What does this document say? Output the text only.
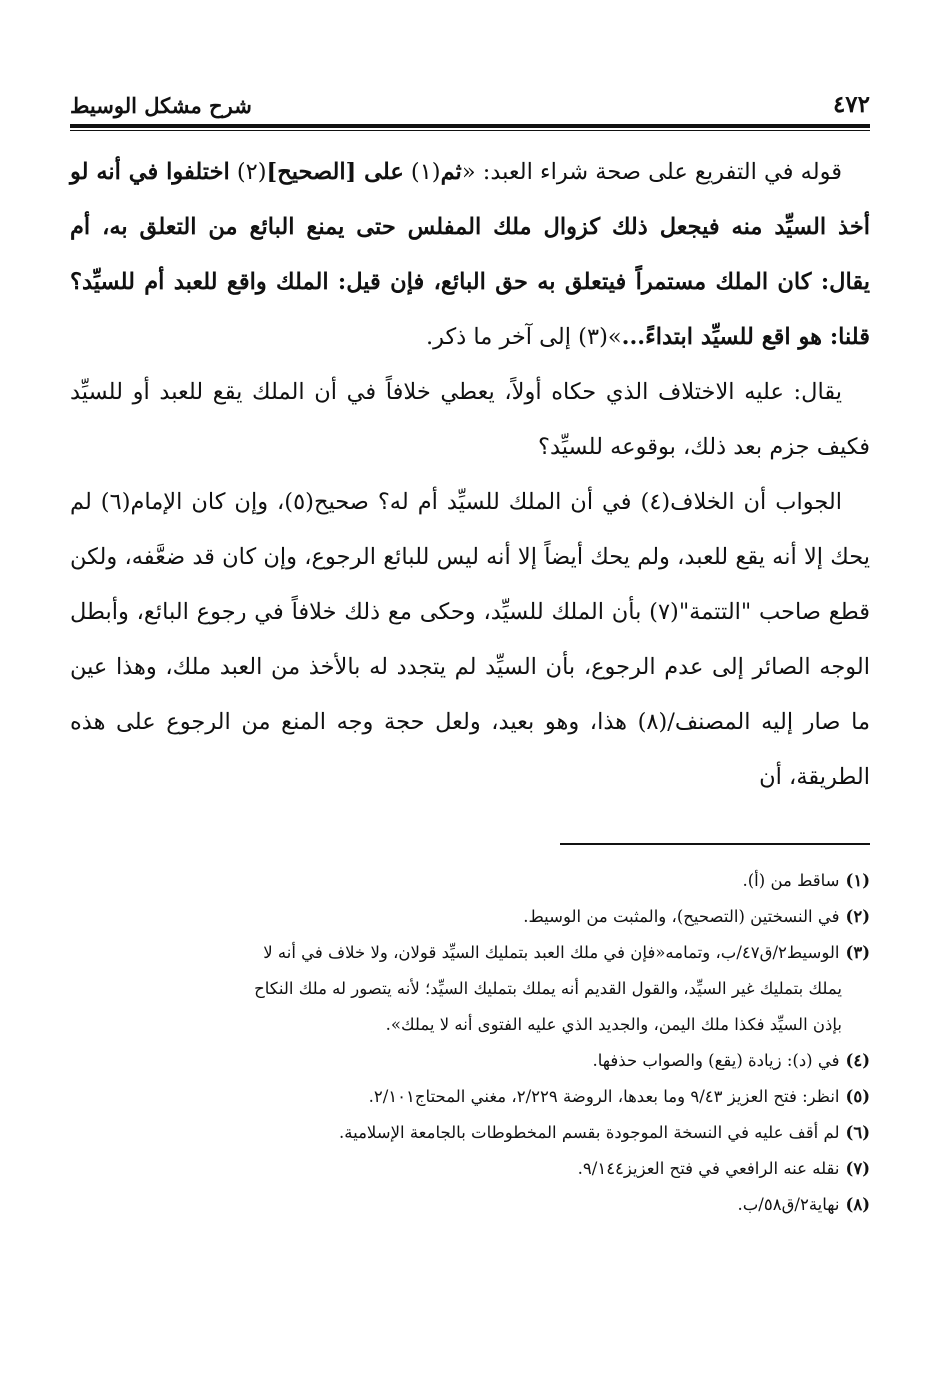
٤٧٢
شرح مشكل الوسيط

قوله في التفريع على صحة شراء العبد: «ثم(١) على [الصحيح](٢) اختلفوا في أنه لو أخذ السيِّد منه فيجعل ذلك كزوال ملك المفلس حتى يمنع البائع من التعلق به، أم يقال: كان الملك مستمراً فيتعلق به حق البائع، فإن قيل: الملك واقع للعبد أم للسيِّد؟ قلنا: هو اقع للسيِّد ابتداءً...»(٣) إلى آخر ما ذكر.

يقال: عليه الاختلاف الذي حكاه أولاً، يعطي خلافاً في أن الملك يقع للعبد أو للسيِّد فكيف جزم بعد ذلك، بوقوعه للسيِّد؟

الجواب أن الخلاف(٤) في أن الملك للسيِّد أم له؟ صحيح(٥)، وإن كان الإمام(٦) لم يحك إلا أنه يقع للعبد، ولم يحك أيضاً إلا أنه ليس للبائع الرجوع، وإن كان قد ضعَّفه، ولكن قطع صاحب "التتمة"(٧) بأن الملك للسيِّد، وحكى مع ذلك خلافاً في رجوع البائع، وأبطل الوجه الصائر إلى عدم الرجوع، بأن السيِّد لم يتجدد له بالأخذ من العبد ملك، وهذا عين ما صار إليه المصنف/(٨) هذا، وهو بعيد، ولعل حجة وجه المنع من الرجوع على هذه الطريقة، أن

(١)ساقط من (أ).

(٢)في النسختين (التصحيح)، والمثبت من الوسيط.

(٣)الوسيط٢/ق٤٧/ب، وتمامه«فإن في ملك العبد بتمليك السيِّد قولان، ولا خلاف في أنه لا

يملك بتمليك غير السيِّد، والقول القديم أنه يملك بتمليك السيِّد؛ لأنه يتصور له ملك النكاح

بإذن السيِّد فكذا ملك اليمن، والجديد الذي عليه الفتوى أنه لا يملك».

(٤)في (د): زيادة (يقع) والصواب حذفها.

(٥)انظر: فتح العزيز ٩/٤٣ وما بعدها، الروضة ٢/٢٢٩، مغني المحتاج٢/١٠١.

(٦)لم أقف عليه في النسخة الموجودة بقسم المخطوطات بالجامعة الإسلامية.

(٧)نقله عنه الرافعي في فتح العزيز٩/١٤٤.

(٨)نهاية٢/ق٥٨/ب.
